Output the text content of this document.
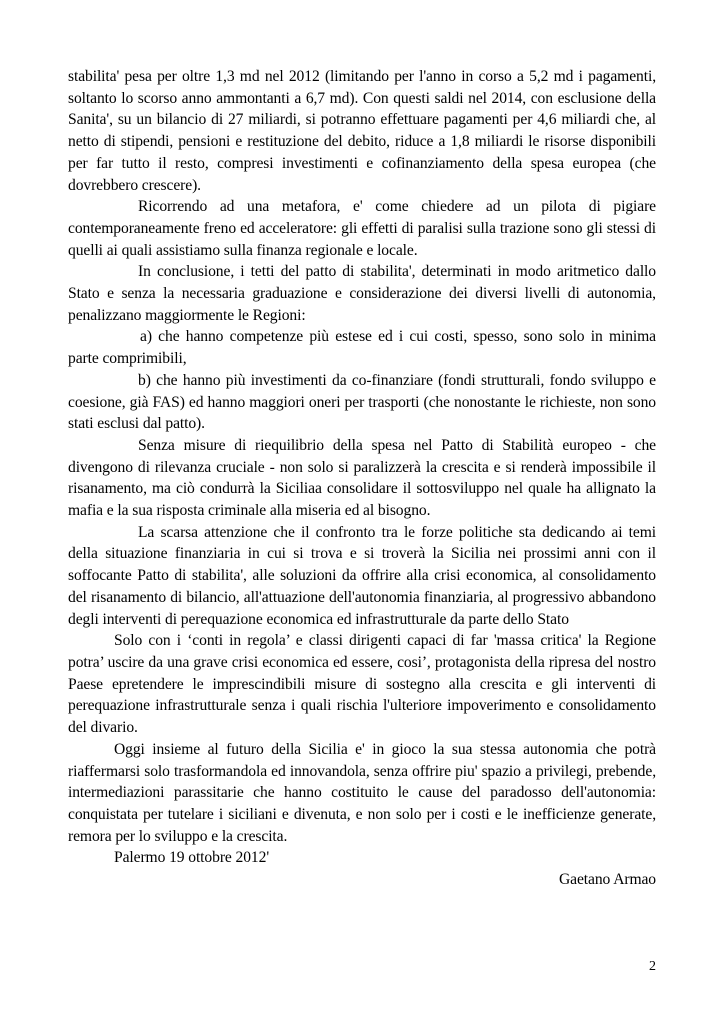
stabilita' pesa per oltre 1,3 md nel 2012 (limitando per l'anno in corso a 5,2 md i pagamenti, soltanto lo scorso anno ammontanti a 6,7 md). Con questi saldi nel 2014, con esclusione della Sanita', su un bilancio di 27 miliardi, si potranno effettuare pagamenti per 4,6 miliardi che, al netto di stipendi, pensioni e restituzione del debito, riduce a 1,8 miliardi le risorse disponibili per far tutto il resto, compresi investimenti e cofinanziamento della spesa europea (che dovrebbero crescere).

Ricorrendo ad una metafora, e' come chiedere ad un pilota di pigiare contemporaneamente freno ed acceleratore: gli effetti di paralisi sulla trazione sono gli stessi di quelli ai quali assistiamo sulla finanza regionale e locale.

In conclusione, i tetti del patto di stabilita', determinati in modo aritmetico dallo Stato e senza la necessaria graduazione e considerazione dei diversi livelli di autonomia, penalizzano maggiormente le Regioni:

a) che hanno competenze più estese ed i cui costi, spesso, sono solo in minima parte comprimibili,

b) che hanno più investimenti da co-finanziare (fondi strutturali, fondo sviluppo e coesione, già FAS) ed hanno maggiori oneri per trasporti (che nonostante le richieste, non sono stati esclusi dal patto).

Senza misure di riequilibrio della spesa nel Patto di Stabilità europeo - che divengono di rilevanza cruciale - non solo si paralizzerà la crescita e si renderà impossibile il risanamento, ma ciò condurrà la Siciliaa consolidare il sottosviluppo nel quale ha allignato la mafia e la sua risposta criminale alla miseria ed al bisogno.

La scarsa attenzione che il confronto tra le forze politiche sta dedicando ai temi della situazione finanziaria in cui si trova e si troverà la Sicilia nei prossimi anni con il soffocante Patto di stabilita', alle soluzioni da offrire alla crisi economica, al consolidamento del risanamento di bilancio, all'attuazione dell'autonomia finanziaria, al progressivo abbandono degli interventi di perequazione economica ed infrastrutturale da parte dello Stato

Solo con i ‘conti in regola’ e classi dirigenti capaci di far 'massa critica' la Regione potra’ uscire da una grave crisi economica ed essere, cosi’, protagonista della ripresa del nostro Paese epretendere le imprescindibili misure di sostegno alla crescita e gli interventi di perequazione infrastrutturale senza i quali rischia l'ulteriore impoverimento e consolidamento del divario.

Oggi insieme al futuro della Sicilia e' in gioco la sua stessa autonomia che potrà riaffermarsi solo trasformandola ed innovandola, senza offrire piu' spazio a privilegi, prebende, intermediazioni parassitarie che hanno costituito le cause del paradosso dell'autonomia: conquistata per tutelare i siciliani e divenuta, e non solo per i costi e le inefficienze generate, remora per lo sviluppo e la crescita.

Palermo 19 ottobre 2012'

Gaetano Armao

2
